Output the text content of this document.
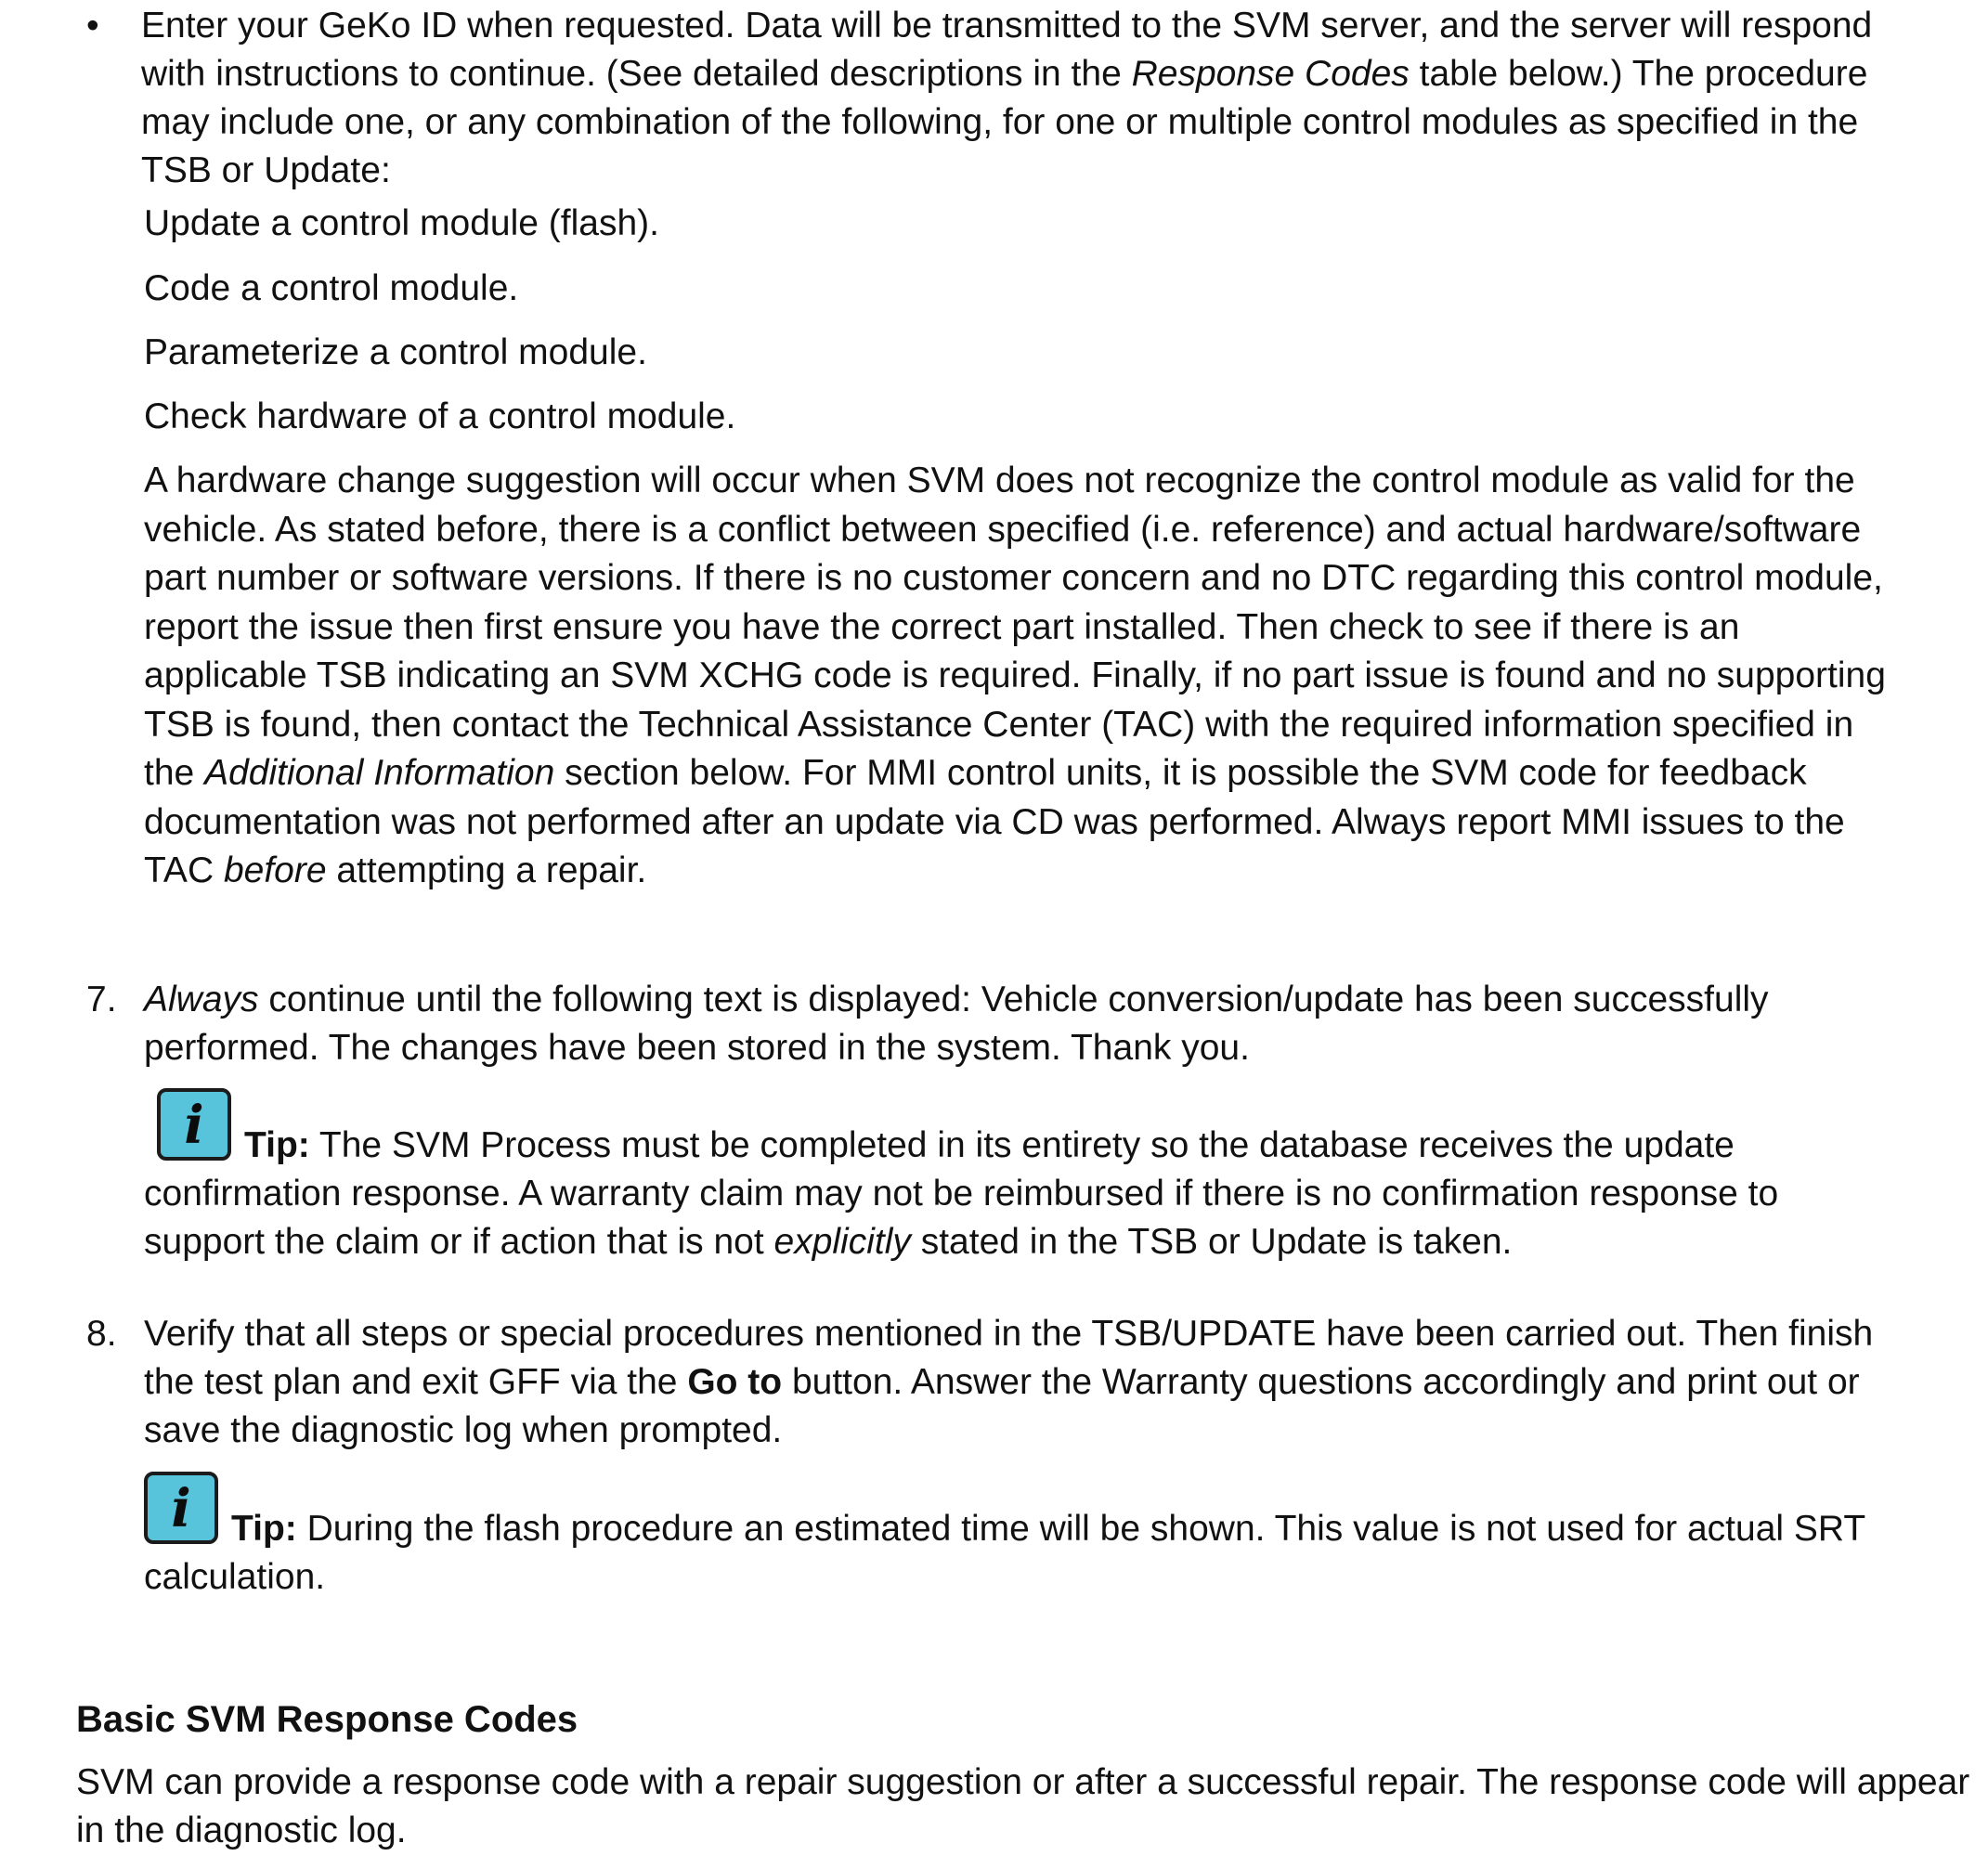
• Enter your GeKo ID when requested. Data will be transmitted to the SVM server, and the server will respond with instructions to continue. (See detailed descriptions in the Response Codes table below.) The procedure may include one, or any combination of the following, for one or multiple control modules as specified in the TSB or Update:

Update a control module (flash).

Code a control module.

Parameterize a control module.

Check hardware of a control module.

A hardware change suggestion will occur when SVM does not recognize the control module as valid for the vehicle. As stated before, there is a conflict between specified (i.e. reference) and actual hardware/software part number or software versions. If there is no customer concern and no DTC regarding this control module, report the issue then first ensure you have the correct part installed. Then check to see if there is an applicable TSB indicating an SVM XCHG code is required. Finally, if no part issue is found and no supporting TSB is found, then contact the Technical Assistance Center (TAC) with the required information specified in the Additional Information section below. For MMI control units, it is possible the SVM code for feedback documentation was not performed after an update via CD was performed. Always report MMI issues to the TAC before attempting a repair.

7. Always continue until the following text is displayed: Vehicle conversion/update has been successfully performed. The changes have been stored in the system. Thank you.
i	Tip: The SVM Process must be completed in its entirety so the database receives the update confirmation response. A warranty claim may not be reimbursed if there is no confirmation response to support the claim or if action that is not explicitly stated in the TSB or Update is taken.
8. Verify that all steps or special procedures mentioned in the TSB/UPDATE have been carried out. Then finish the test plan and exit GFF via the Go to button. Answer the Warranty questions accordingly and print out or save the diagnostic log when prompted.
i	Tip: During the flash procedure an estimated time will be shown. This value is not used for actual SRT calculation.
Basic SVM Response Codes

SVM can provide a response code with a repair suggestion or after a successful repair. The response code will appear in the diagnostic log.
